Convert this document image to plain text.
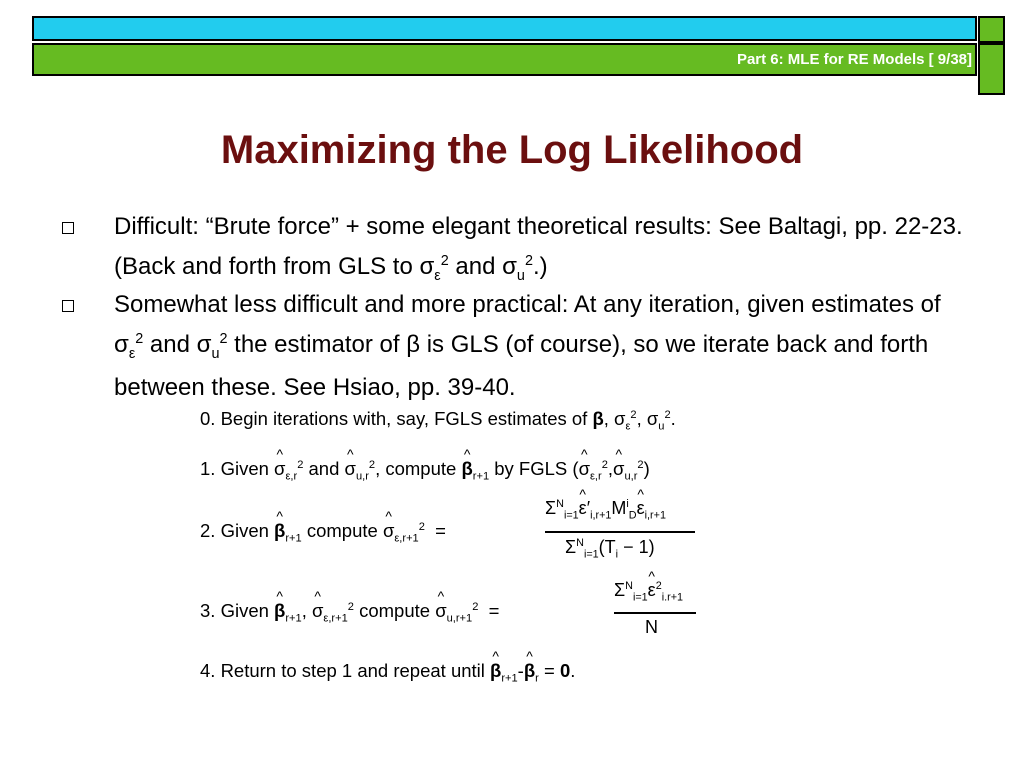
Part 6: MLE for RE Models [ 9/38]
Maximizing the Log Likelihood
Difficult: “Brute force” + some elegant theoretical results: See Baltagi, pp. 22-23. (Back and forth from GLS to $\sigma_\varepsilon^2$ and $\sigma_u^2$.)
Somewhat less difficult and more practical: At any iteration, given estimates of $\sigma_\varepsilon^2$ and $\sigma_u^2$ the estimator of β is GLS (of course), so we iterate back and forth between these. See Hsiao, pp. 39-40.
0. Begin iterations with, say, FGLS estimates of β, $\sigma_\varepsilon^2$, $\sigma_u^2$.
1. Given ^ $\sigma_{\varepsilon,r}^2$ and ^ $\sigma_{u,r}^2$, compute ^ $\beta_{r+1}$ by FGLS (^ $\sigma_{\varepsilon,r}^2,\^{}$ $\sigma_{u,r}^2$)
2. Given ^ $\beta_{r+1}$ compute ^ $\sigma_{\varepsilon,r+1}^2$  =
$\Sigma^N_{i=1}\^{}$ $\varepsilon'_{i,r+1}M^i_D\^{}$ $\varepsilon_{i,r+1}$
$\Sigma^N_{i=1}(T_i - 1)$
3. Given ^ $\beta_{r+1}$, ^ $\sigma_{\varepsilon,r+1}^2$ compute ^ $\sigma_{u,r+1}^2$  =
$\Sigma^N_{i=1}\^{}$ $\varepsilon^2_{i.r+1}$
N
4. Return to step 1 and repeat until ^ $\beta_{r+1}-\^{}$ $\beta_r = 0$.
